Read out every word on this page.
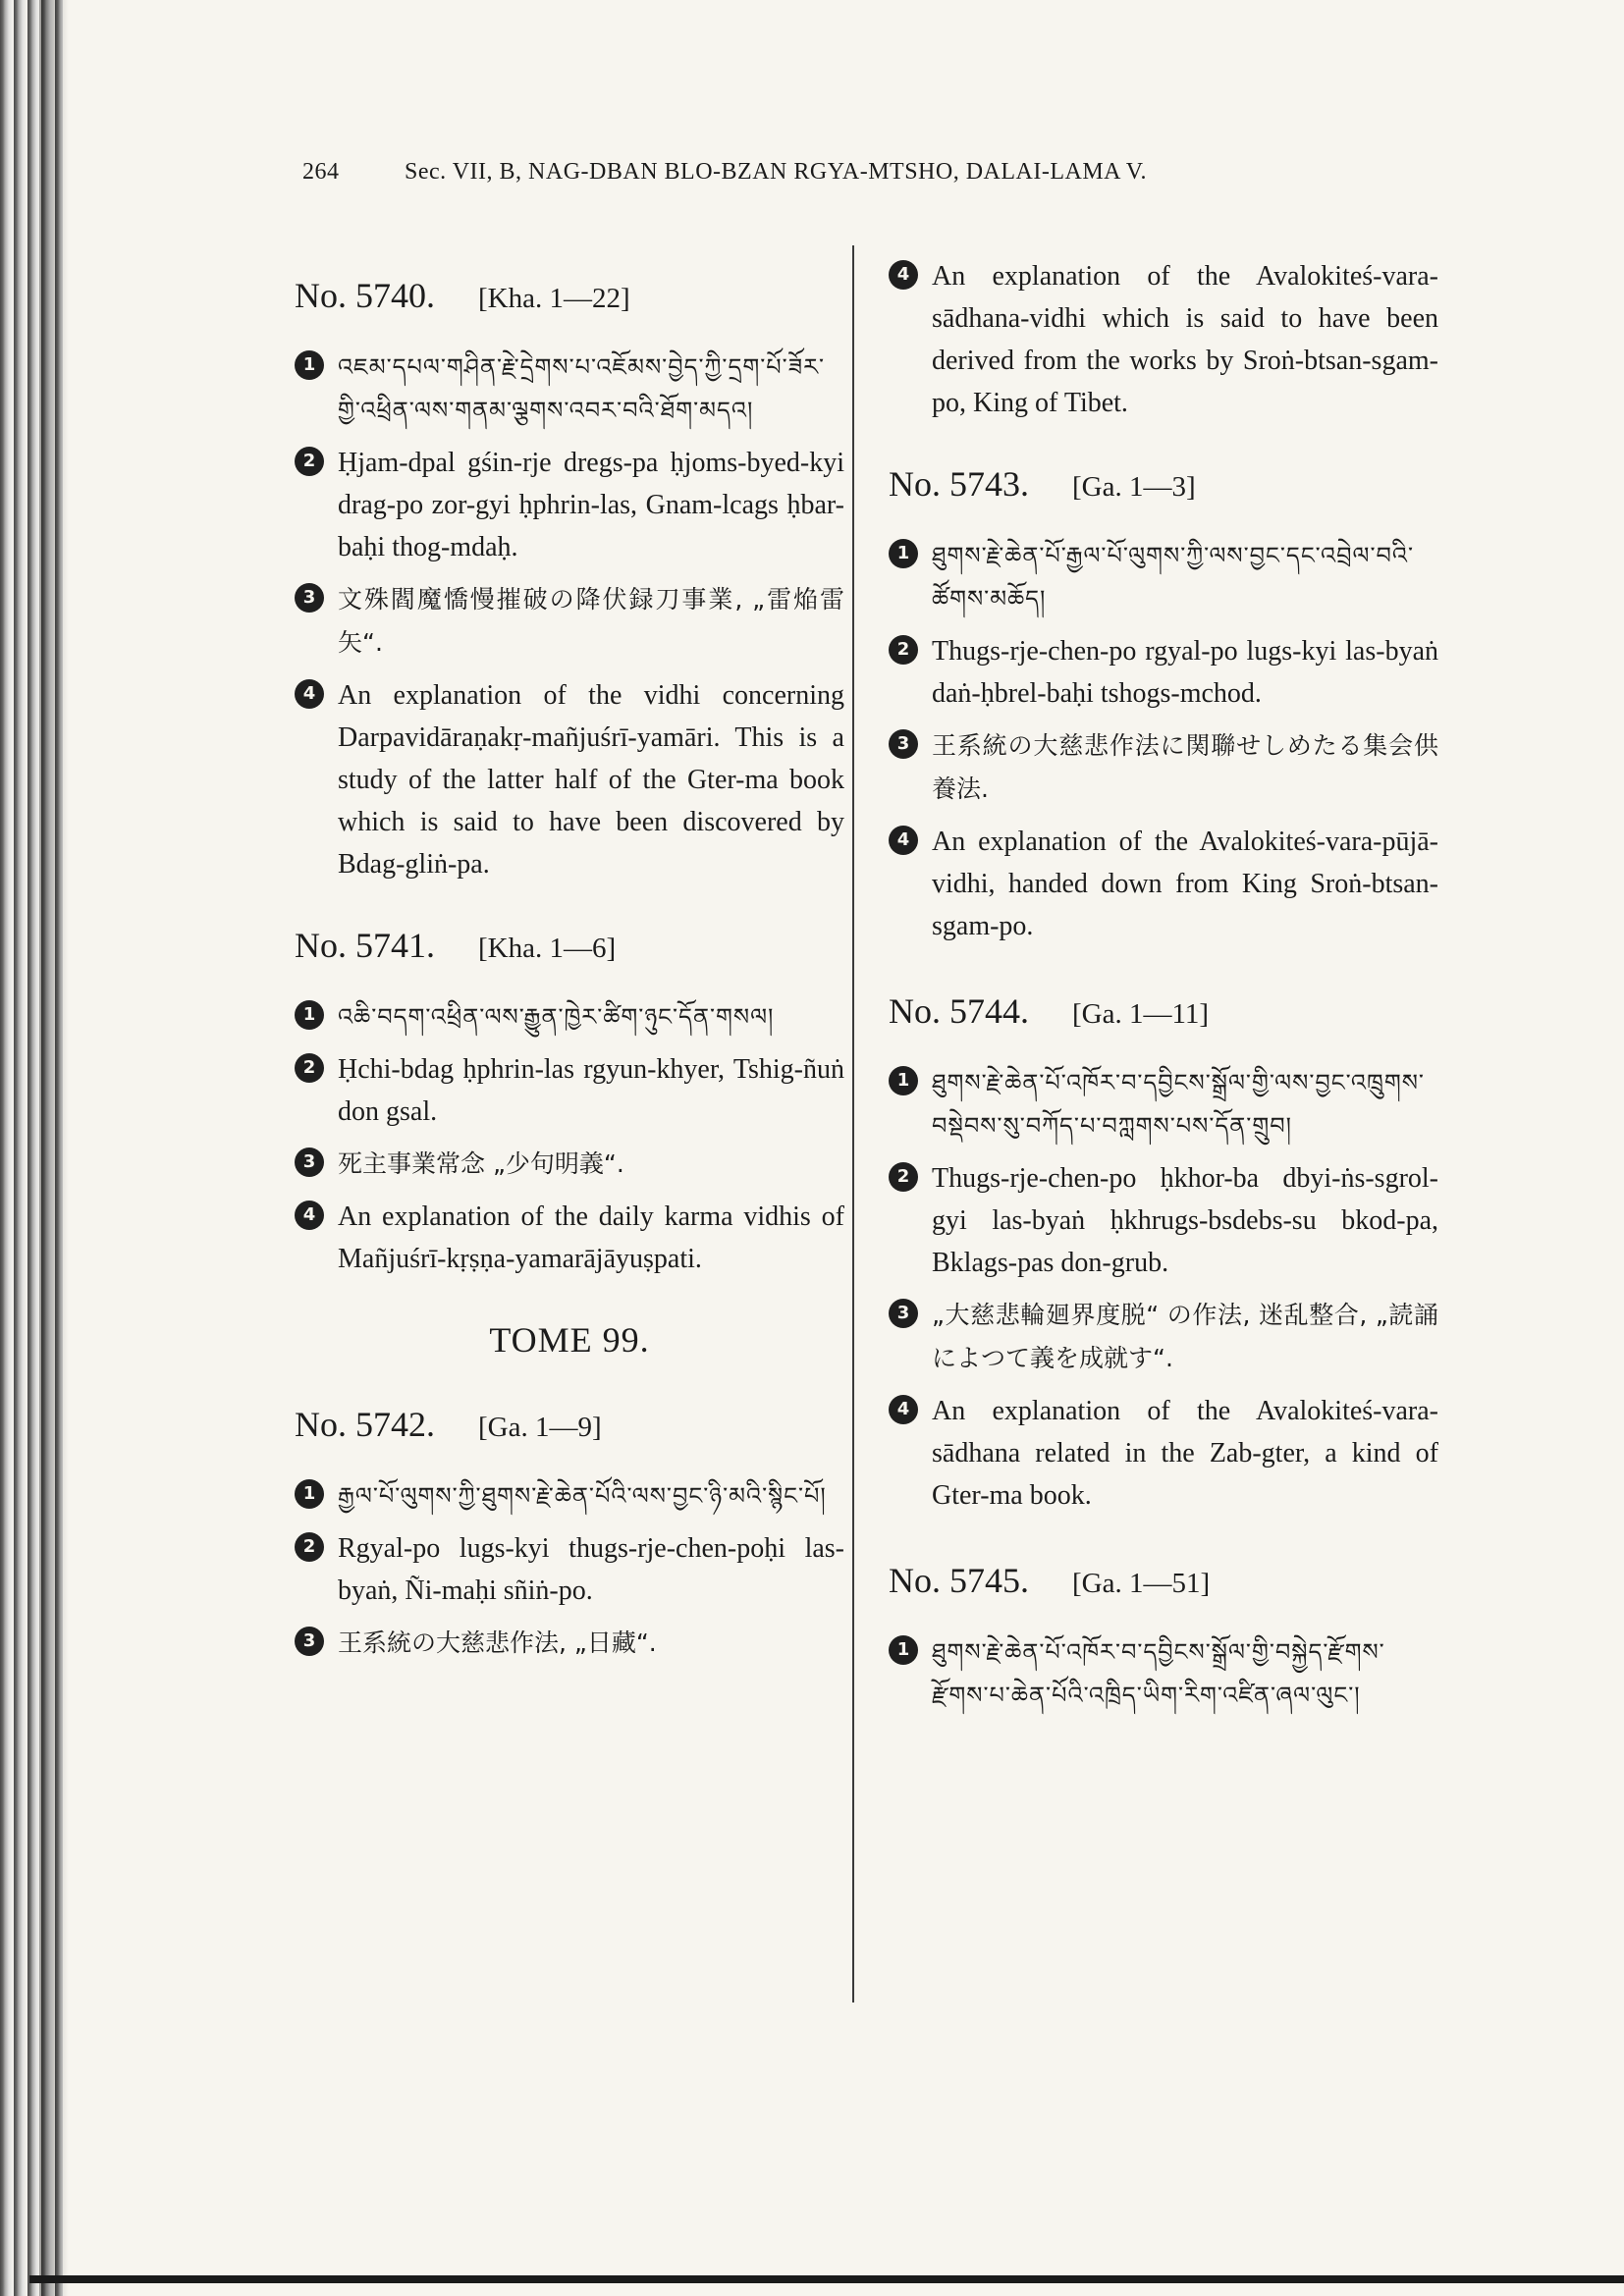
264	Sec. VII, B, NAG-DBAN BLO-BZAN RGYA-MTSHO, DALAI-LAMA V.
No. 5740. [Kha. 1—22]
1 འཇམ་དཔལ་གཤིན་རྗེ་དྲེགས་པ་འཇོམས་བྱེད་ཀྱི་དྲག་པོ་ཟོར་གྱི་འཕྲིན་ལས་གནམ་ལྕགས་འབར་བའི་ཐོག་མདའ།
2 Ḥjam-dpal gśin-rje dregs-pa ḥjoms-byed-kyi drag-po zor-gyi ḥphrin-las, Gnam-lcags ḥbar-baḥi thog-mdaḥ.
3 文殊閻魔憍慢摧破の降伏録刀事業, „雷焔雷矢“.
4 An explanation of the vidhi concerning Darpavidāraṇakṛ-mañjuśrī-yamāri. This is a study of the latter half of the Gter-ma book which is said to have been discovered by Bdag-gliṅ-pa.
No. 5741. [Kha. 1—6]
1 འཆི་བདག་འཕྲིན་ལས་རྒྱུན་ཁྱེར་ཚིག་ཉུང་དོན་གསལ།
2 Ḥchi-bdag ḥphrin-las rgyun-khyer, Tshig-ñuṅ don gsal.
3 死主事業常念 „少句明義“.
4 An explanation of the daily karma vidhis of Mañjuśrī-kṛṣṇa-yamarājāyuṣpati.
TOME 99.
No. 5742. [Ga. 1—9]
1 རྒྱལ་པོ་ལུགས་ཀྱི་ཐུགས་རྗེ་ཆེན་པོའི་ལས་བྱང་ཉི་མའི་སྙིང་པོ།
2 Rgyal-po lugs-kyi thugs-rje-chen-poḥi las-byaṅ, Ñi-maḥi sñiṅ-po.
3 王系統の大慈悲作法, „日藏“.
4 An explanation of the Avalokiteś-vara-sādhana-vidhi which is said to have been derived from the works by Sroṅ-btsan-sgam-po, King of Tibet.
No. 5743. [Ga. 1—3]
1 ཐུགས་རྗེ་ཆེན་པོ་རྒྱལ་པོ་ལུགས་ཀྱི་ལས་བྱང་དང་འབྲེལ་བའི་ཚོགས་མཆོད།
2 Thugs-rje-chen-po rgyal-po lugs-kyi las-byaṅ daṅ-ḥbrel-baḥi tshogs-mchod.
3 王系統の大慈悲作法に関聯せしめたる集会供養法.
4 An explanation of the Avalokiteś-vara-pūjā-vidhi, handed down from King Sroṅ-btsan-sgam-po.
No. 5744. [Ga. 1—11]
1 ཐུགས་རྗེ་ཆེན་པོ་འཁོར་བ་དབྱིངས་སྒྲོལ་གྱི་ལས་བྱང་འཁྲུགས་བསྡེབས་སུ་བཀོད་པ་བཀླགས་པས་དོན་གྲུབ།
2 Thugs-rje-chen-po ḥkhor-ba dbyi-ṅs-sgrol-gyi las-byaṅ ḥkhrugs-bsdebs-su bkod-pa, Bklags-pas don-grub.
3 „大慈悲輪廻界度脱“ の作法, 迷乱整合, „読誦によつて義を成就す“.
4 An explanation of the Avalokiteś-vara-sādhana related in the Zab-gter, a kind of Gter-ma book.
No. 5745. [Ga. 1—51]
1 ཐུགས་རྗེ་ཆེན་པོ་འཁོར་བ་དབྱིངས་སྒྲོལ་གྱི་བསྐྱེད་རྫོགས་རྫོགས་པ་ཆེན་པོའི་འཁྲིད་ཡིག་རིག་འཛིན་ཞལ་ལུང་།
